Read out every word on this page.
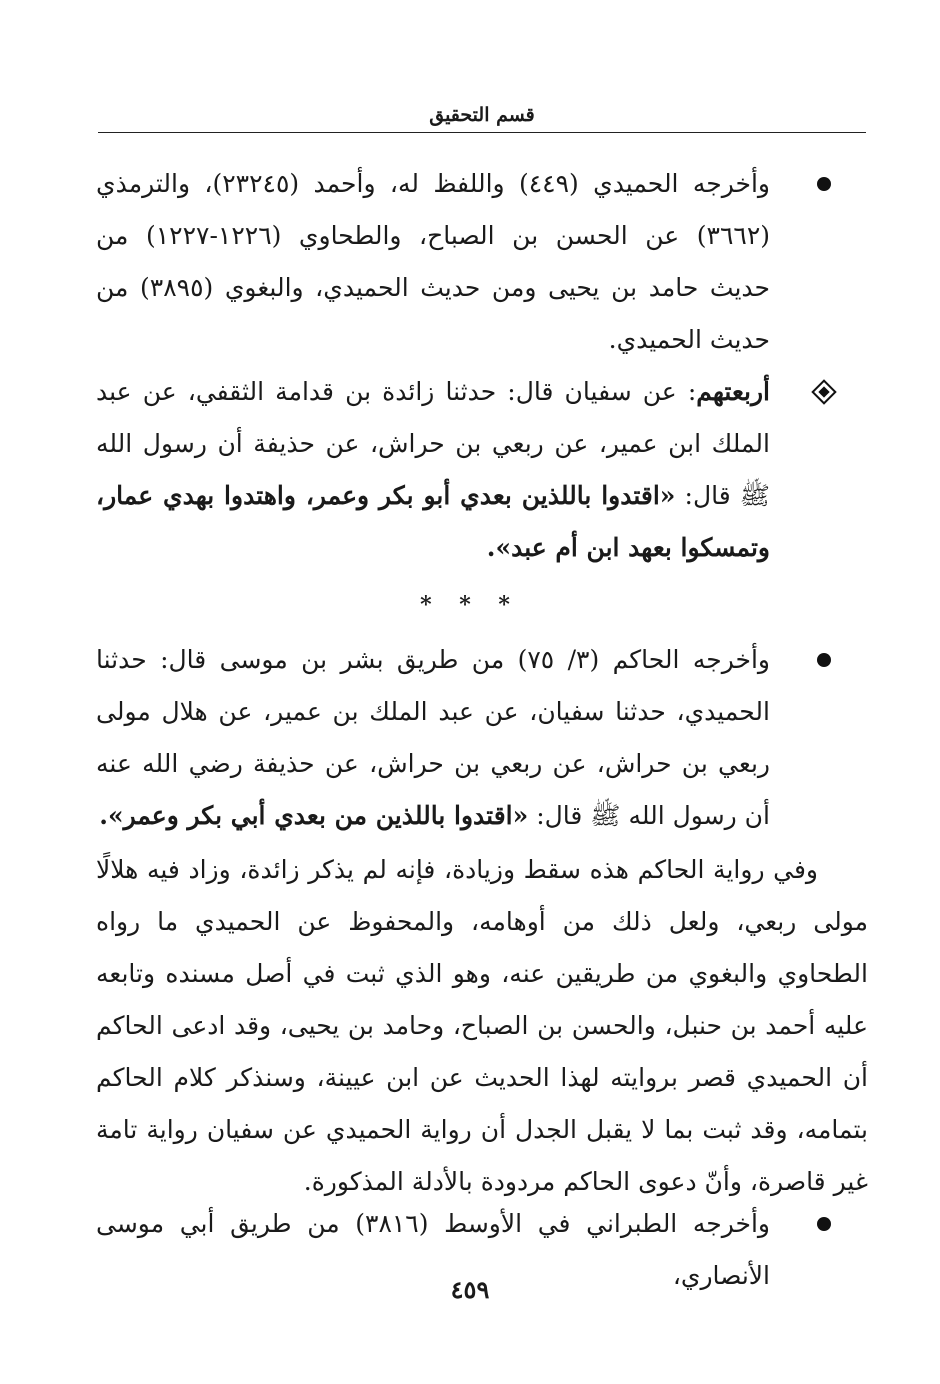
قسم التحقيق
وأخرجه الحميدي (٤٤٩) واللفظ له، وأحمد (٢٣٢٤٥)، والترمذي (٣٦٦٢) عن الحسن بن الصباح، والطحاوي (١٢٢٦-١٢٢٧) من حديث حامد بن يحيى ومن حديث الحميدي، والبغوي (٣٨٩٥) من حديث الحميدي.
أربعتهم: عن سفيان قال: حدثنا زائدة بن قدامة الثقفي، عن عبد الملك ابن عمير، عن ربعي بن حراش، عن حذيفة أن رسول الله ﷺ قال: «اقتدوا باللذين بعدي أبو بكر وعمر، واهتدوا بهدي عمار، وتمسكوا بعهد ابن أم عبد».
* * *
وأخرجه الحاكم (٣/ ٧٥) من طريق بشر بن موسى قال: حدثنا الحميدي، حدثنا سفيان، عن عبد الملك بن عمير، عن هلال مولى ربعي بن حراش، عن ربعي بن حراش، عن حذيفة رضي الله عنه أن رسول الله ﷺ قال: «اقتدوا باللذين من بعدي أبي بكر وعمر».
وفي رواية الحاكم هذه سقط وزيادة، فإنه لم يذكر زائدة، وزاد فيه هلالًا مولى ربعي، ولعل ذلك من أوهامه، والمحفوظ عن الحميدي ما رواه الطحاوي والبغوي من طريقين عنه، وهو الذي ثبت في أصل مسنده وتابعه عليه أحمد بن حنبل، والحسن بن الصباح، وحامد بن يحيى، وقد ادعى الحاكم أن الحميدي قصر بروايته لهذا الحديث عن ابن عيينة، وسنذكر كلام الحاكم بتمامه، وقد ثبت بما لا يقبل الجدل أن رواية الحميدي عن سفيان رواية تامة غير قاصرة، وأنّ دعوى الحاكم مردودة بالأدلة المذكورة.
وأخرجه الطبراني في الأوسط (٣٨١٦) من طريق أبي موسى الأنصاري،
٤٥٩
